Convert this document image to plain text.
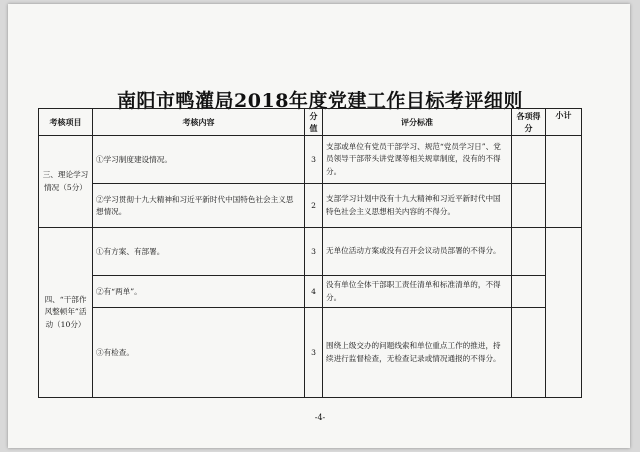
南阳市鸭灌局2018年度党建工作目标考评细则
考核项目	考核内容	分值	评分标准	各项得分	小计
三、理论学习情况（5分）	①学习制度建设情况。	3	支部或单位有党员干部学习、规范“党员学习日”、党员领导干部带头讲党课等相关规章制度，没有的不得分。		
	②学习贯彻十九大精神和习近平新时代中国特色社会主义思想情况。	2	支部学习计划中没有十九大精神和习近平新时代中国特色社会主义思想相关内容的不得分。		
四、“干部作风整顿年”活动（10分）	①有方案、有部署。	3	无单位活动方案或没有召开会议动员部署的不得分。		
	②有“两单”。	4	没有单位全体干部职工责任清单和标准清单的，不得分。		
	③有检查。	3	围绕上级交办的问题线索和单位重点工作的推进，持续进行监督检查，无检查记录或情况通报的不得分。		
-4-
